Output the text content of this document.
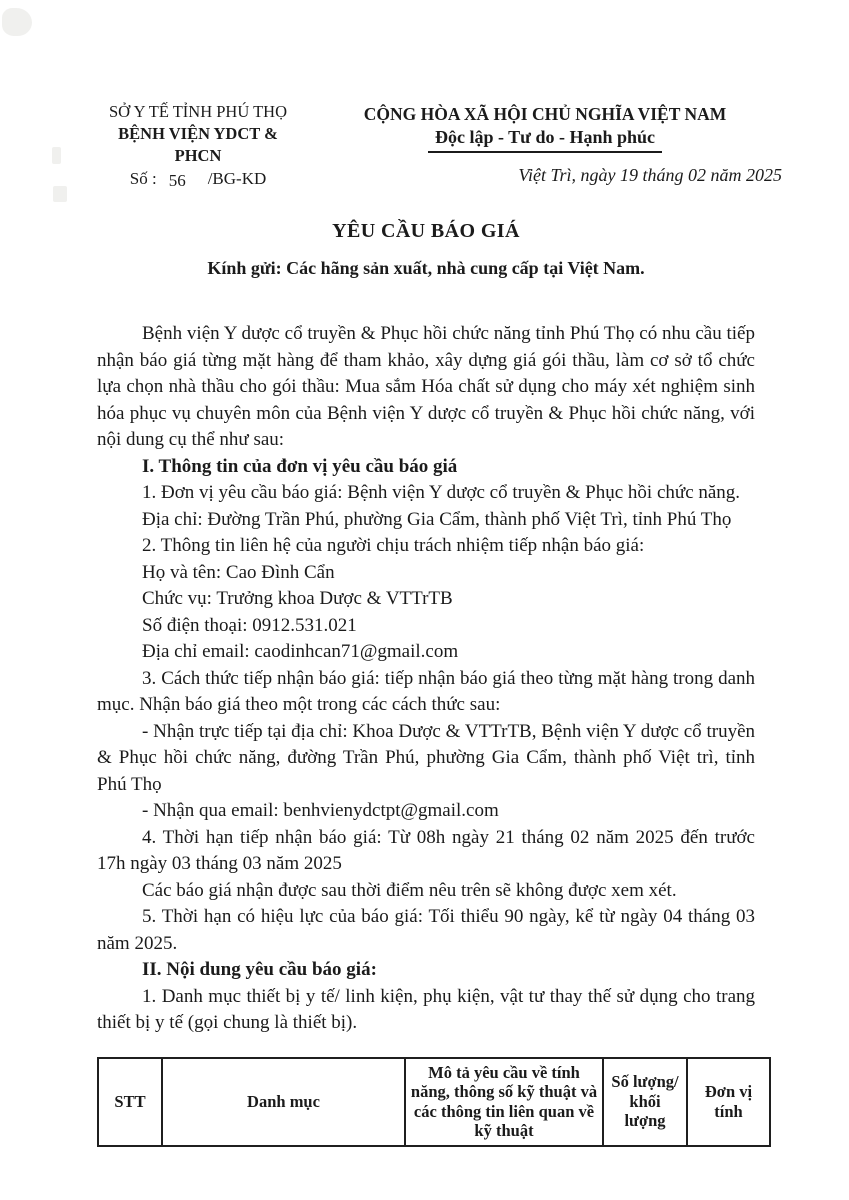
SỞ Y TẾ TỈNH PHÚ THỌ
BỆNH VIỆN YDCT & PHCN
Số : 56 /BG-KD
CỘNG HÒA XÃ HỘI CHỦ NGHĨA VIỆT NAM
Độc lập - Tư do - Hạnh phúc
Việt Trì, ngày 19 tháng 02 năm 2025
YÊU CẦU BÁO GIÁ
Kính gửi: Các hãng sản xuất, nhà cung cấp tại Việt Nam.

Bệnh viện Y dược cổ truyền & Phục hồi chức năng tỉnh Phú Thọ có nhu cầu tiếp nhận báo giá từng mặt hàng để tham khảo, xây dựng giá gói thầu, làm cơ sở tổ chức lựa chọn nhà thầu cho gói thầu: Mua sắm Hóa chất sử dụng cho máy xét nghiệm sinh hóa phục vụ chuyên môn của Bệnh viện Y dược cổ truyền & Phục hồi chức năng, với nội dung cụ thể như sau:

I. Thông tin của đơn vị yêu cầu báo giá

1. Đơn vị yêu cầu báo giá: Bệnh viện Y dược cổ truyền & Phục hồi chức năng.

Địa chỉ: Đường Trần Phú, phường Gia Cẩm, thành phố Việt Trì, tỉnh Phú Thọ

2. Thông tin liên hệ của người chịu trách nhiệm tiếp nhận báo giá:

Họ và tên: Cao Đình Cẩn

Chức vụ: Trưởng khoa Dược & VTTrTB

Số điện thoại: 0912.531.021

Địa chỉ email: caodinhcan71@gmail.com

3. Cách thức tiếp nhận báo giá: tiếp nhận báo giá theo từng mặt hàng trong danh mục. Nhận báo giá theo một trong các cách thức sau:

- Nhận trực tiếp tại địa chỉ: Khoa Dược & VTTrTB, Bệnh viện Y dược cổ truyền & Phục hồi chức năng, đường Trần Phú, phường Gia Cẩm, thành phố Việt trì, tỉnh Phú Thọ

- Nhận qua email: benhvienydctpt@gmail.com

4. Thời hạn tiếp nhận báo giá: Từ 08h ngày 21 tháng 02 năm 2025 đến trước 17h ngày 03 tháng 03 năm 2025

Các báo giá nhận được sau thời điểm nêu trên sẽ không được xem xét.

5. Thời hạn có hiệu lực của báo giá: Tối thiểu 90 ngày, kể từ ngày 04 tháng 03 năm 2025.

II. Nội dung yêu cầu báo giá:

1. Danh mục thiết bị y tế/ linh kiện, phụ kiện, vật tư thay thế sử dụng cho trang thiết bị y tế (gọi chung là thiết bị).

STT	Danh mục	Mô tả yêu cầu về tính năng, thông số kỹ thuật và các thông tin liên quan về kỹ thuật	Số lượng/ khối lượng	Đơn vị tính
